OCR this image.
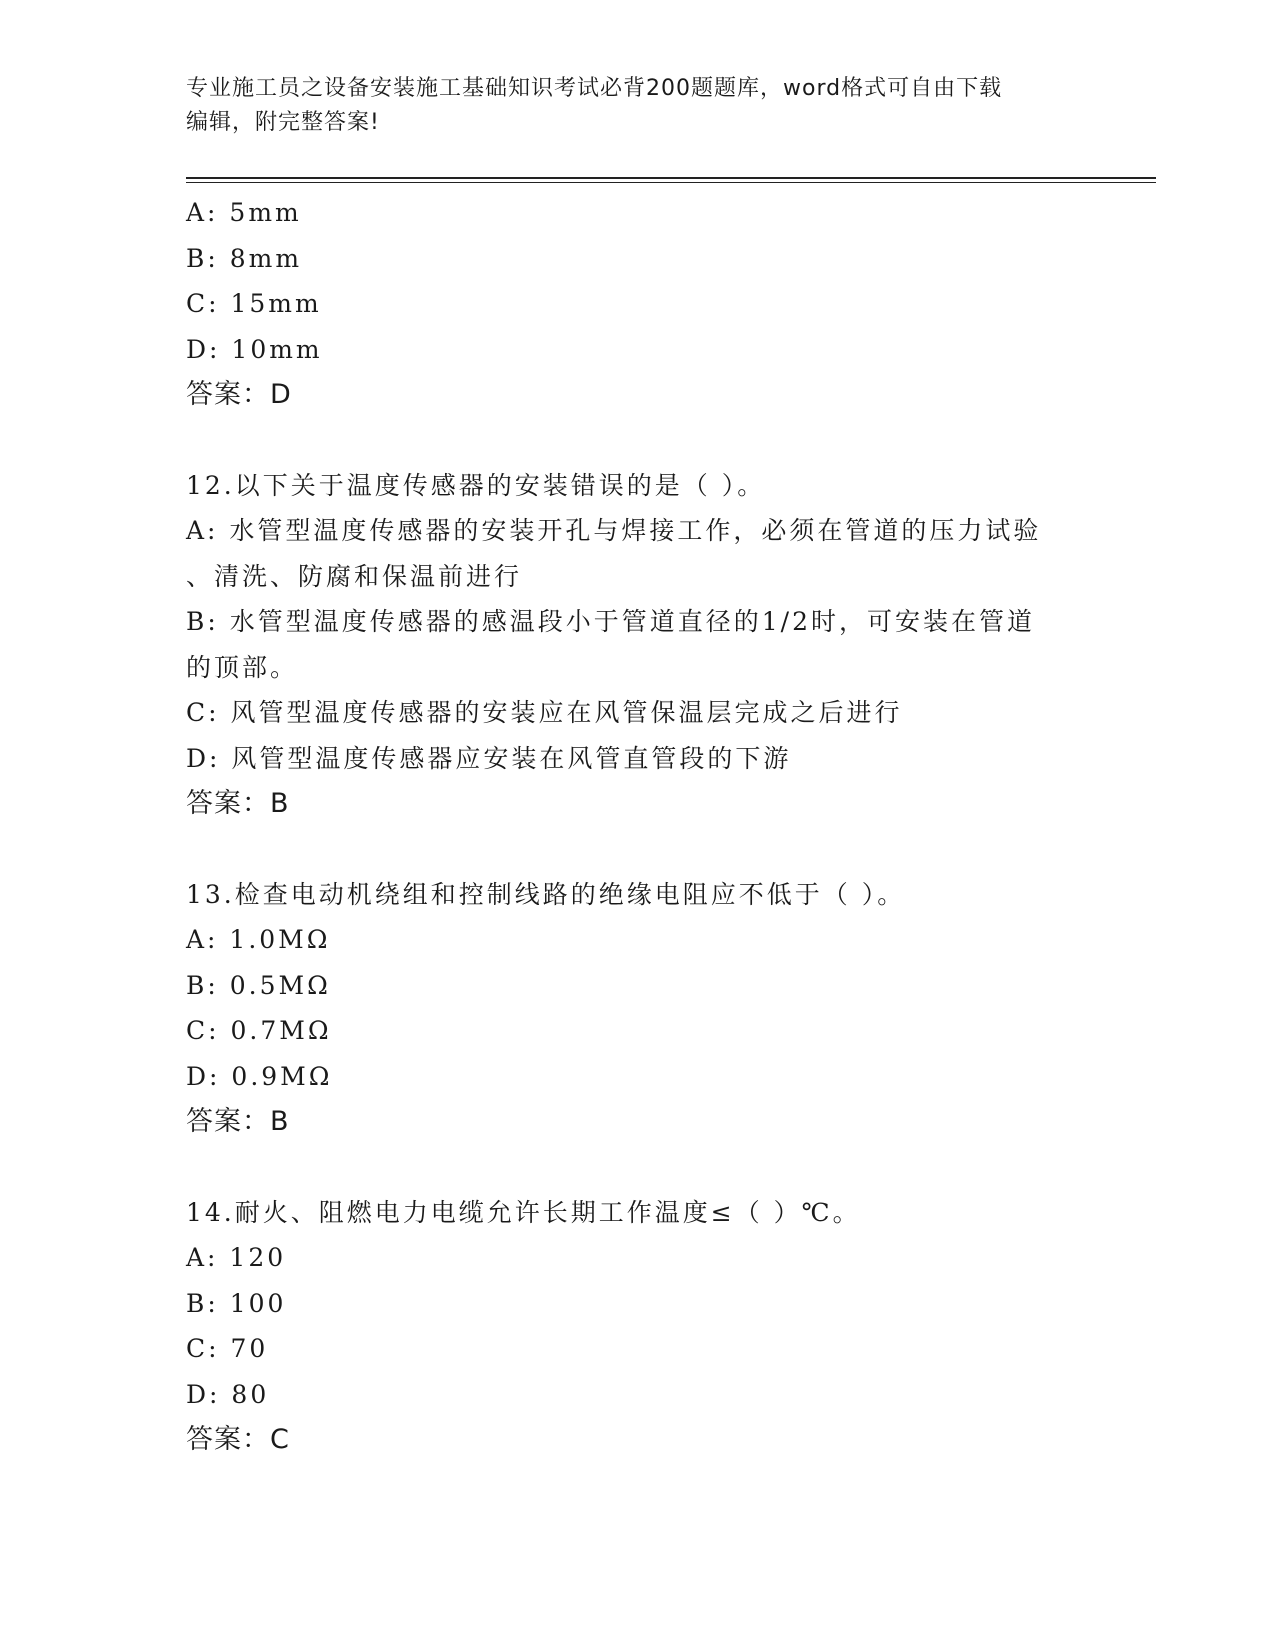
专业施工员之设备安装施工基础知识考试必背200题题库，word格式可自由下载
编辑，附完整答案!
A: 5mm
B: 8mm
C: 15mm
D: 10mm
答案：D
12.以下关于温度传感器的安装错误的是（ ）。
A: 水管型温度传感器的安装开孔与焊接工作，必须在管道的压力试验
、清洗、防腐和保温前进行
B: 水管型温度传感器的感温段小于管道直径的1/2时，可安装在管道
的顶部。
C: 风管型温度传感器的安装应在风管保温层完成之后进行
D: 风管型温度传感器应安装在风管直管段的下游
答案：B
13.检查电动机绕组和控制线路的绝缘电阻应不低于（ ）。
A: 1.0MΩ
B: 0.5MΩ
C: 0.7MΩ
D: 0.9MΩ
答案：B
14.耐火、阻燃电力电缆允许长期工作温度≤（ ）℃。
A: 120
B: 100
C: 70
D: 80
答案：C
